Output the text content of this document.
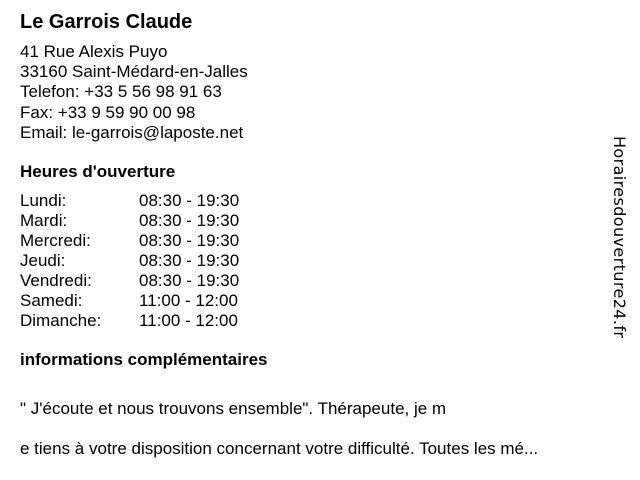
Le Garrois Claude
41 Rue Alexis Puyo
33160 Saint-Médard-en-Jalles
Telefon: +33 5 56 98 91 63
Fax: +33 9 59 90 00 98
Email: le-garrois@laposte.net
Heures d'ouverture
Lundi:	08:30 - 19:30
Mardi:	08:30 - 19:30
Mercredi:	08:30 - 19:30
Jeudi:	08:30 - 19:30
Vendredi:	08:30 - 19:30
Samedi:	11:00 - 12:00
Dimanche:	11:00 - 12:00
informations complémentaires

" J'écoute et nous trouvons ensemble". Thérapeute, je m

e tiens à votre disposition concernant votre difficulté. Toutes les mé...

Horairesdouverture24.fr
